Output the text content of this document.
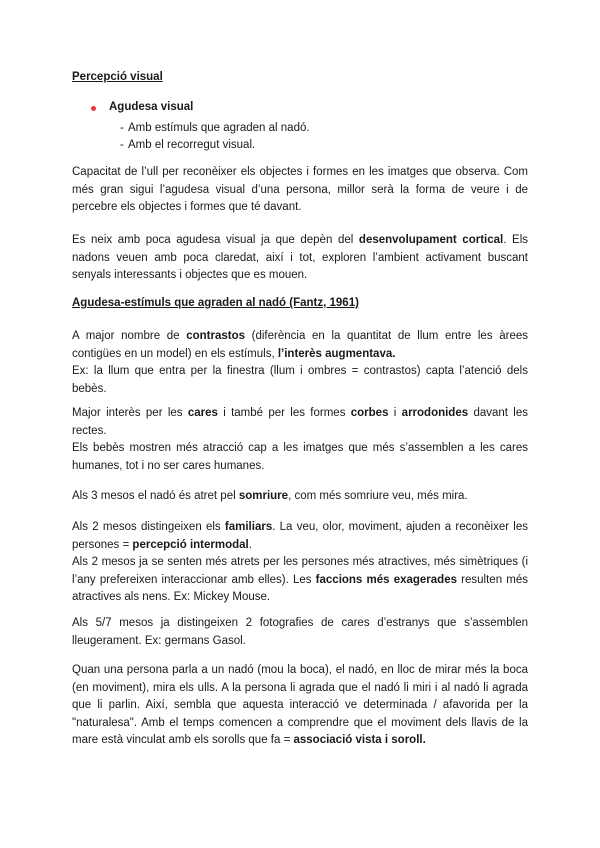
Percepció visual

Agudesa visual

- Amb estímuls que agraden al nadó.

- Amb el recorregut visual.

Capacitat de l’ull per reconèixer els objectes i formes en les imatges que observa. Com més gran sigui l’agudesa visual d’una persona, millor serà la forma de veure i de percebre els objectes i formes que té davant.

Es neix amb poca agudesa visual ja que depèn del desenvolupament cortical. Els nadons veuen amb poca claredat, així i tot, exploren l’ambient activament buscant senyals interessants i objectes que es mouen.

Agudesa-estímuls que agraden al nadó (Fantz, 1961)

A major nombre de contrastos (diferència en la quantitat de llum entre les àrees contigües en un model) en els estímuls, l’interès augmentava.
Ex: la llum que entra per la finestra (llum i ombres = contrastos) capta l’atenció dels bebès.

Major interès per les cares i també per les formes corbes i arrodonides davant les rectes.
Els bebès mostren més atracció cap a les imatges que més s’assemblen a les cares humanes, tot i no ser cares humanes.

Als 3 mesos el nadó és atret pel somriure, com més somriure veu, més mira.

Als 2 mesos distingeixen els familiars. La veu, olor, moviment, ajuden a reconèixer les persones = percepció intermodal.
Als 2 mesos ja se senten més atrets per les persones més atractives, més simètriques (i l’any prefereixen interaccionar amb elles). Les faccions més exagerades resulten més atractives als nens. Ex: Mickey Mouse.

Als 5/7 mesos ja distingeixen 2 fotografies de cares d’estranys que s’assemblen lleugerament. Ex: germans Gasol.

Quan una persona parla a un nadó (mou la boca), el nadó, en lloc de mirar més la boca (en moviment), mira els ulls. A la persona li agrada que el nadó li miri i al nadó li agrada que li parlin. Així, sembla que aquesta interacció ve determinada / afavorida per la "naturalesa". Amb el temps comencen a comprendre que el moviment dels llavis de la mare està vinculat amb els sorolls que fa = associació vista i soroll.
